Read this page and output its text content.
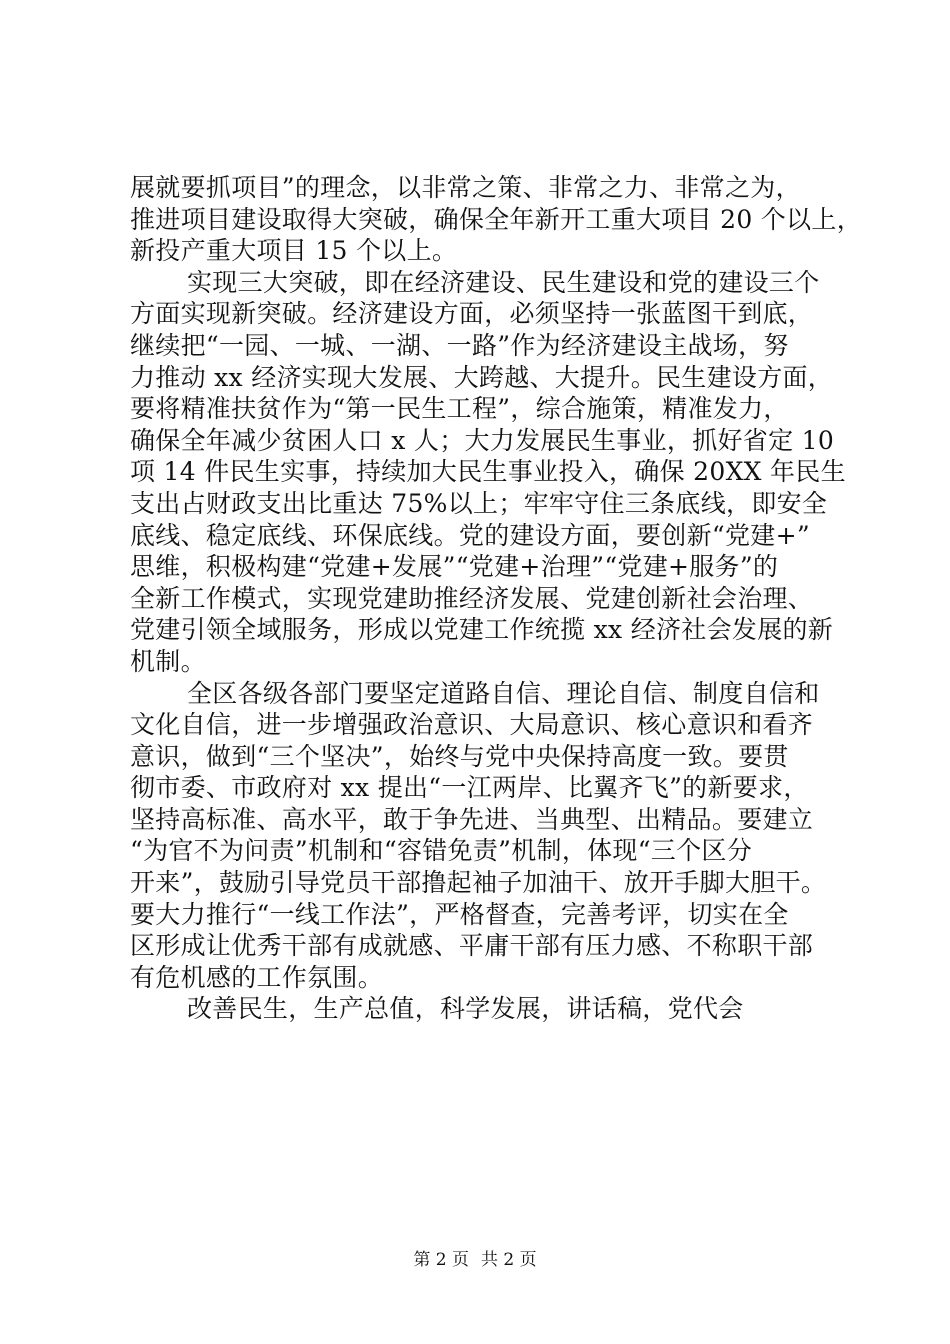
展就要抓项目”的理念，以非常之策、非常之力、非常之为，
推进项目建设取得大突破，确保全年新开工重大项目 20 个以上，
新投产重大项目 15 个以上。
实现三大突破，即在经济建设、民生建设和党的建设三个
方面实现新突破。经济建设方面，必须坚持一张蓝图干到底，
继续把“一园、一城、一湖、一路”作为经济建设主战场，努
力推动 xx 经济实现大发展、大跨越、大提升。民生建设方面，
要将精准扶贫作为“第一民生工程”，综合施策，精准发力，
确保全年减少贫困人口 x 人；大力发展民生事业，抓好省定 10
项 14 件民生实事，持续加大民生事业投入，确保 20XX 年民生
支出占财政支出比重达 75%以上；牢牢守住三条底线，即安全
底线、稳定底线、环保底线。党的建设方面，要创新“党建+”
思维，积极构建“党建+发展”“党建+治理”“党建+服务”的
全新工作模式，实现党建助推经济发展、党建创新社会治理、
党建引领全域服务，形成以党建工作统揽 xx 经济社会发展的新
机制。
全区各级各部门要坚定道路自信、理论自信、制度自信和
文化自信，进一步增强政治意识、大局意识、核心意识和看齐
意识，做到“三个坚决”，始终与党中央保持高度一致。要贯
彻市委、市政府对 xx 提出“一江两岸、比翼齐飞”的新要求，
坚持高标准、高水平，敢于争先进、当典型、出精品。要建立
“为官不为问责”机制和“容错免责”机制，体现“三个区分
开来”，鼓励引导党员干部撸起袖子加油干、放开手脚大胆干。
要大力推行“一线工作法”，严格督查，完善考评，切实在全
区形成让优秀干部有成就感、平庸干部有压力感、不称职干部
有危机感的工作氛围。
改善民生，生产总值，科学发展，讲话稿，党代会
第 2 页 共 2 页
